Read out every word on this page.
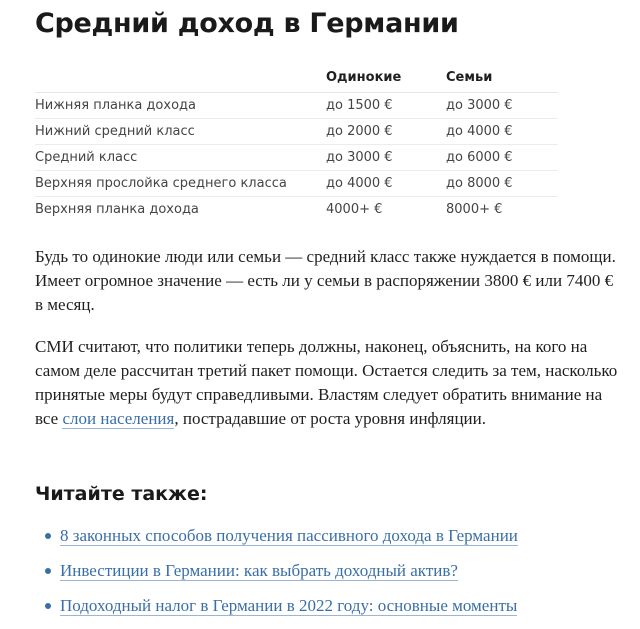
Средний доход в Германии
	Одинокие	Семьи
Нижняя планка дохода	до 1500 €	до 3000 €
Нижний средний класс	до 2000 €	до 4000 €
Средний класс	до 3000 €	до 6000 €
Верхняя прослойка среднего класса	до 4000 €	до 8000 €
Верхняя планка дохода	4000+ €	8000+ €

Будь то одинокие люди или семьи — средний класс также нуждается в помощи. Имеет огромное значение — есть ли у семьи в распоряжении 3800 € или 7400 € в месяц.

СМИ считают, что политики теперь должны, наконец, объяснить, на кого на самом деле рассчитан третий пакет помощи. Остается следить за тем, насколько принятые меры будут справедливыми. Властям следует обратить внимание на все слои населения, пострадавшие от роста уровня инфляции.

Читайте также:
8 законных способов получения пассивного дохода в Германии
Инвестиции в Германии: как выбрать доходный актив?
Подоходный налог в Германии в 2022 году: основные моменты
